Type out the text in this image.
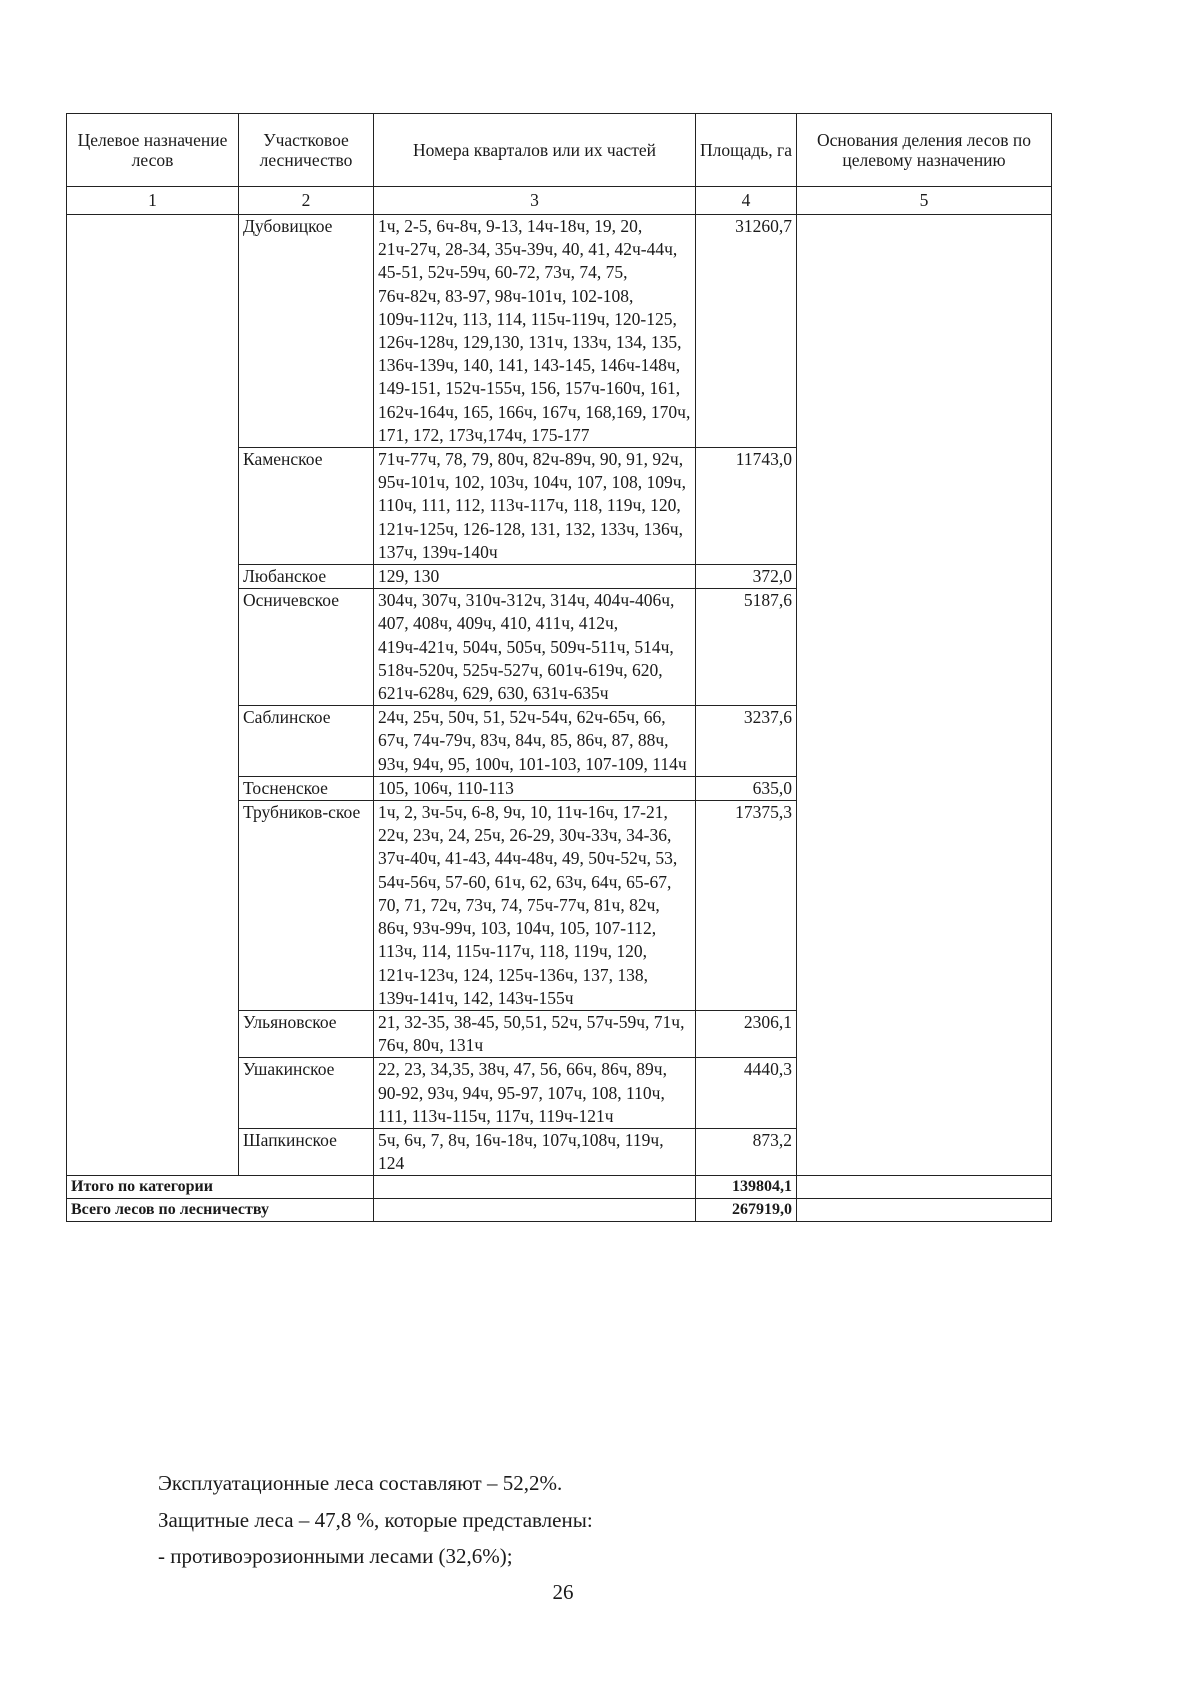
Целевое назначение лесов	Участковое лесничество	Номера кварталов или их частей	Площадь, га	Основания деления лесов по целевому назначению
1	2	3	4	5
	Дубовицкое	1ч, 2-5, 6ч-8ч, 9-13, 14ч-18ч, 19, 20, 21ч-27ч, 28-34, 35ч-39ч, 40, 41, 42ч-44ч, 45-51, 52ч-59ч, 60-72, 73ч, 74, 75, 76ч-82ч, 83-97, 98ч-101ч, 102-108, 109ч-112ч, 113, 114, 115ч-119ч, 120-125, 126ч-128ч, 129,130, 131ч, 133ч, 134, 135, 136ч-139ч, 140, 141, 143-145, 146ч-148ч, 149-151, 152ч-155ч, 156, 157ч-160ч, 161, 162ч-164ч, 165, 166ч, 167ч, 168,169, 170ч, 171, 172, 173ч,174ч, 175-177	31260,7	
	Каменское	71ч-77ч, 78, 79, 80ч, 82ч-89ч, 90, 91, 92ч, 95ч-101ч, 102, 103ч, 104ч, 107, 108, 109ч, 110ч, 111, 112, 113ч-117ч, 118, 119ч, 120, 121ч-125ч, 126-128, 131, 132, 133ч, 136ч, 137ч, 139ч-140ч	11743,0	
	Любанское	129, 130	372,0	
	Осничевское	304ч, 307ч, 310ч-312ч, 314ч, 404ч-406ч, 407, 408ч, 409ч, 410, 411ч, 412ч, 419ч-421ч, 504ч, 505ч, 509ч-511ч, 514ч, 518ч-520ч, 525ч-527ч, 601ч-619ч, 620, 621ч-628ч, 629, 630, 631ч-635ч	5187,6	
	Саблинское	24ч, 25ч, 50ч, 51, 52ч-54ч, 62ч-65ч, 66, 67ч, 74ч-79ч, 83ч, 84ч, 85, 86ч, 87, 88ч, 93ч, 94ч, 95, 100ч, 101-103, 107-109, 114ч	3237,6	
	Тосненское	105, 106ч, 110-113	635,0	
	Трубников-ское	1ч, 2, 3ч-5ч, 6-8, 9ч, 10, 11ч-16ч, 17-21, 22ч, 23ч, 24, 25ч, 26-29, 30ч-33ч, 34-36, 37ч-40ч, 41-43, 44ч-48ч, 49, 50ч-52ч, 53, 54ч-56ч, 57-60, 61ч, 62, 63ч, 64ч, 65-67, 70, 71, 72ч, 73ч, 74, 75ч-77ч, 81ч, 82ч, 86ч, 93ч-99ч, 103, 104ч, 105, 107-112, 113ч, 114, 115ч-117ч, 118, 119ч, 120, 121ч-123ч, 124, 125ч-136ч, 137, 138, 139ч-141ч, 142, 143ч-155ч	17375,3	
	Ульяновское	21, 32-35, 38-45, 50,51, 52ч, 57ч-59ч, 71ч, 76ч, 80ч, 131ч	2306,1	
	Ушакинское	22, 23, 34,35, 38ч, 47, 56, 66ч, 86ч, 89ч, 90-92, 93ч, 94ч, 95-97, 107ч, 108, 110ч, 111, 113ч-115ч, 117ч, 119ч-121ч	4440,3	
	Шапкинское	5ч, 6ч, 7, 8ч, 16ч-18ч, 107ч,108ч, 119ч, 124	873,2	
Итого по категории			139804,1	
Всего лесов по лесничеству			267919,0	
Эксплуатационные леса составляют – 52,2%.
Защитные леса – 47,8 %, которые представлены:
- противоэрозионными лесами (32,6%);
26
